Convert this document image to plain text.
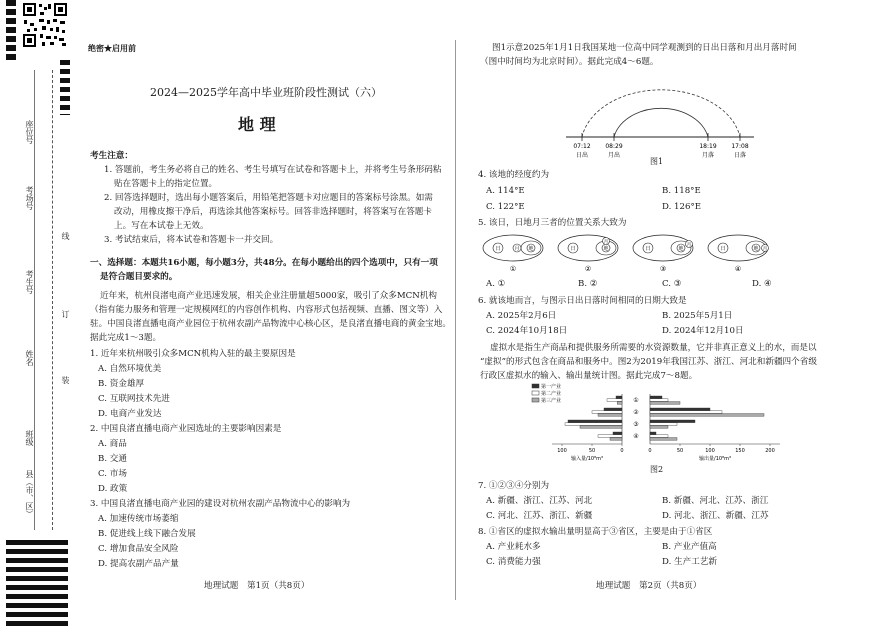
座位号
考场号
考生号
姓名
班级
县（市、区）
线
订
装
绝密★启用前
2024—2025学年高中毕业班阶段性测试（六）
地 理
考生注意：
1. 答题前，考生务必将自己的姓名、考生号填写在试卷和答题卡上，并将考生号条形码粘
贴在答题卡上的指定位置。
2. 回答选择题时，选出每小题答案后，用铅笔把答题卡对应题目的答案标号涂黑。如需
改动，用橡皮擦干净后，再选涂其他答案标号。回答非选择题时，将答案写在答题卡
上。写在本试卷上无效。
3. 考试结束后，将本试卷和答题卡一并交回。
一、选择题：本题共16小题，每小题3分，共48分。在每小题给出的四个选项中，只有一项
是符合题目要求的。
近年来，杭州良渚电商产业迅速发展，相关企业注册量超5000家，吸引了众多MCN机构
（指有能力服务和管理一定规模网红的内容创作机构、内容形式包括视频、直播、图文等）入
驻。中国良渚直播电商产业园位于杭州农副产品物流中心核心区，是良渚直播电商的黄金宝地。
据此完成1～3题。
1. 近年来杭州吸引众多MCN机构入驻的最主要原因是
A. 自然环境优美
B. 资金雄厚
C. 互联网技术先进
D. 电商产业发达
2. 中国良渚直播电商产业园选址的主要影响因素是
A. 商品
B. 交通
C. 市场
D. 政策
3. 中国良渚直播电商产业园的建设对杭州农副产品物流中心的影响为
A. 加速传统市场萎缩
B. 促进线上线下融合发展
C. 增加食品安全风险
D. 提高农副产品产量
地理试题　第1页（共8页）
图1示意2025年1月1日我国某地一位高中同学观测到的日出日落和月出月落时间
（图中时间均为北京时间）。据此完成4～6题。
07:12 08:29	18:19 17:08
日出	月出	月落	日落
图1
4. 该地的经度约为
A. 114°E	B. 118°E
C. 122°E	D. 126°E
5. 该日，日地月三者的位置关系大致为
日	地
月
①
日	地
月
②
日	地
月
③
日	地 月
④
A. ①	B. ②	C. ③	D. ④
6. 就该地而言，与图示日出日落时间相同的日期大致是
A. 2025年2月6日	B. 2025年5月1日
C. 2024年10月18日	D. 2024年12月10日
虚拟水是指生产商品和提供服务所需要的水资源数量，它并非真正意义上的水，而是以
“虚拟”的形式包含在商品和服务中。图2为2019年我国江苏、浙江、河北和新疆四个省级
行政区虚拟水的输入、输出量统计图。据此完成7～8题。
第一产业
第二产业
第三产业
100	50	0	50	100	150	200
0
输入量/10⁸m³	输出量/10⁸m³
①
②
③
④
图2
7. ①②③④分别为
A. 新疆、浙江、江苏、河北	B. 新疆、河北、江苏、浙江
C. 河北、江苏、浙江、新疆	D. 河北、浙江、新疆、江苏
8. ①省区的虚拟水输出量明显高于③省区，主要是由于①省区
A. 产业耗水多	B. 产业产值高
C. 消费能力强	D. 生产工艺新
地理试题　第2页（共8页）
